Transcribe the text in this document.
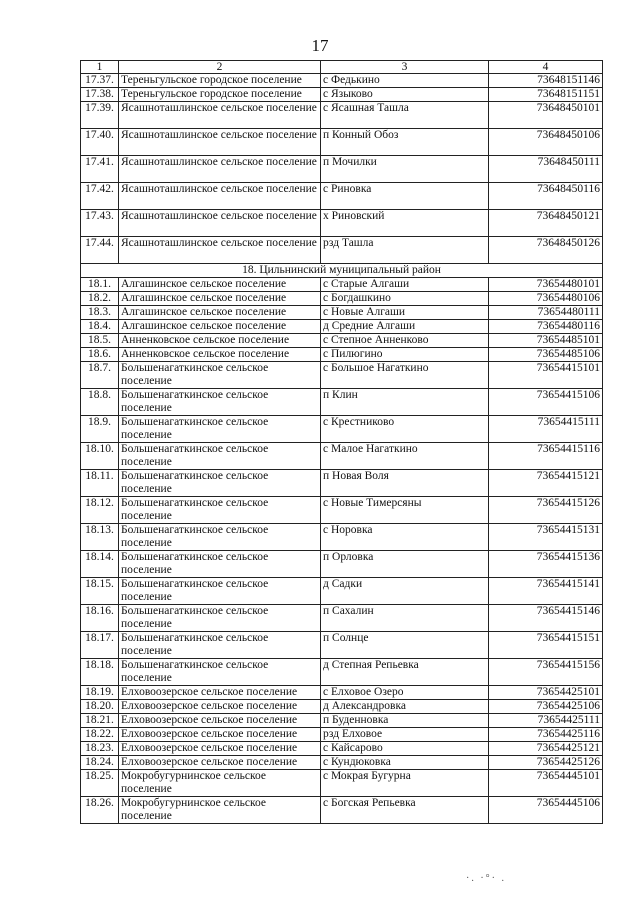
17
1	2	3	4
17.37.	Тереньгульское городское поселение	с Федькино	73648151146
17.38.	Тереньгульское городское поселение	с Языково	73648151151
17.39.	Ясашноташлинское сельское поселение	с Ясашная Ташла	73648450101
17.40.	Ясашноташлинское сельское поселение	п Конный Обоз	73648450106
17.41.	Ясашноташлинское сельское поселение	п Мочилки	73648450111
17.42.	Ясашноташлинское сельское поселение	с Риновка	73648450116
17.43.	Ясашноташлинское сельское поселение	х Риновский	73648450121
17.44.	Ясашноташлинское сельское поселение	рзд Ташла	73648450126
18. Цильнинский муниципальный район			
18.1.	Алгашинское сельское поселение	с Старые Алгаши	73654480101
18.2.	Алгашинское сельское поселение	с Богдашкино	73654480106
18.3.	Алгашинское сельское поселение	с Новые Алгаши	73654480111
18.4.	Алгашинское сельское поселение	д Средние Алгаши	73654480116
18.5.	Анненковское сельское поселение	с Степное Анненково	73654485101
18.6.	Анненковское сельское поселение	с Пилюгино	73654485106
18.7.	Большенагаткинское сельское поселение	с Большое Нагаткино	73654415101
18.8.	Большенагаткинское сельское поселение	п Клин	73654415106
18.9.	Большенагаткинское сельское поселение	с Крестниково	73654415111
18.10.	Большенагаткинское сельское поселение	с Малое Нагаткино	73654415116
18.11.	Большенагаткинское сельское поселение	п Новая Воля	73654415121
18.12.	Большенагаткинское сельское поселение	с Новые Тимерсяны	73654415126
18.13.	Большенагаткинское сельское поселение	с Норовка	73654415131
18.14.	Большенагаткинское сельское поселение	п Орловка	73654415136
18.15.	Большенагаткинское сельское поселение	д Садки	73654415141
18.16.	Большенагаткинское сельское поселение	п Сахалин	73654415146
18.17.	Большенагаткинское сельское поселение	п Солнце	73654415151
18.18.	Большенагаткинское сельское поселение	д Степная Репьевка	73654415156
18.19.	Елховоозерское сельское поселение	с Елховое Озеро	73654425101
18.20.	Елховоозерское сельское поселение	д Александровка	73654425106
18.21.	Елховоозерское сельское поселение	п Буденновка	73654425111
18.22.	Елховоозерское сельское поселение	рзд Елховое	73654425116
18.23.	Елховоозерское сельское поселение	с Кайсарово	73654425121
18.24.	Елховоозерское сельское поселение	с Кундюковка	73654425126
18.25.	Мокробугурнинское сельское поселение	с Мокрая Бугурна	73654445101
18.26.	Мокробугурнинское сельское поселение	с Богская Репьевка	73654445106
·. ·°· .
